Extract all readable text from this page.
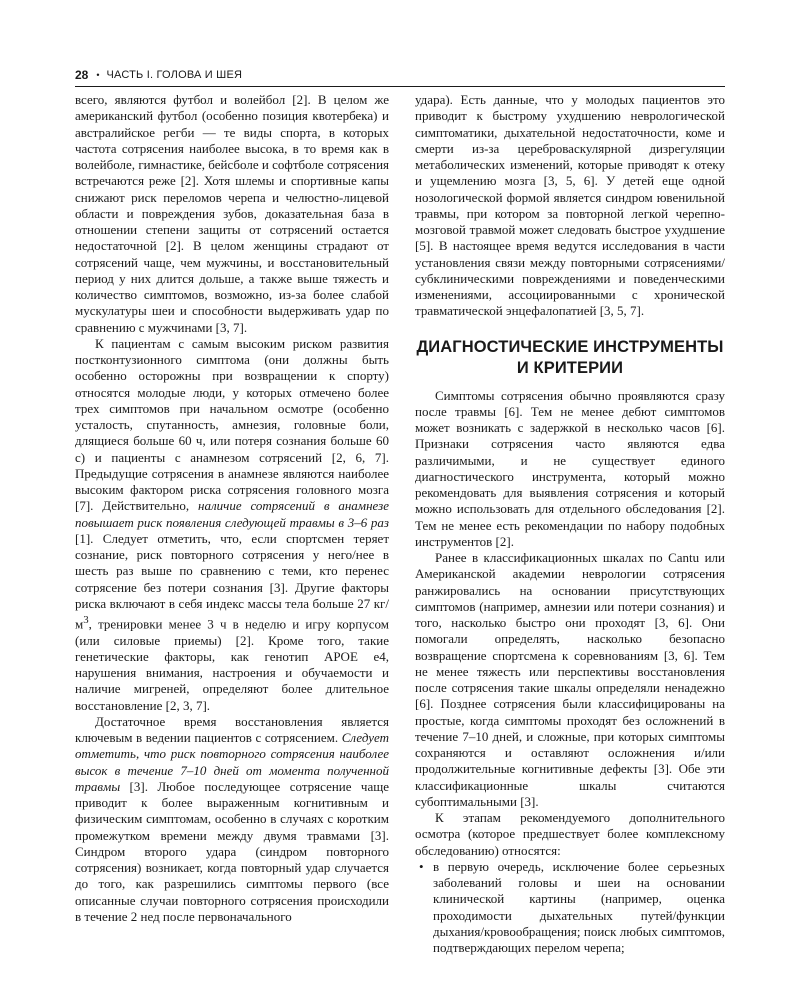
28 • ЧАСТЬ I. ГОЛОВА И ШЕЯ

всего, являются футбол и волейбол [2]. В целом же американский футбол (особенно позиция квотербека) и австралийское регби — те виды спорта, в которых частота сотрясения наиболее высока, в то время как в волейболе, гимнастике, бейсболе и софтболе сотрясения встречаются реже [2]. Хотя шлемы и спортивные капы снижают риск переломов черепа и челюстно-лицевой области и повреждения зубов, доказательная база в отношении степени защиты от сотрясений остается недостаточной [2]. В целом женщины страдают от сотрясений чаще, чем мужчины, и восстановительный период у них длится дольше, а также выше тяжесть и количество симптомов, возможно, из-за более слабой мускулатуры шеи и способности выдерживать удар по сравнению с мужчинами [3, 7].

К пациентам с самым высоким риском развития постконтузионного симптома (они должны быть особенно осторожны при возвращении к спорту) относятся молодые люди, у которых отмечено более трех симптомов при начальном осмотре (особенно усталость, спутанность, амнезия, головные боли, длящиеся больше 60 ч, или потеря сознания больше 60 с) и пациенты с анамнезом сотрясений [2, 6, 7]. Предыдущие сотрясения в анамнезе являются наиболее высоким фактором риска сотрясения головного мозга [7]. Действительно, наличие сотрясений в анамнезе повышает риск появления следующей травмы в 3–6 раз [1]. Следует отметить, что, если спортсмен теряет сознание, риск повторного сотрясения у него/нее в шесть раз выше по сравнению с теми, кто перенес сотрясение без потери сознания [3]. Другие факторы риска включают в себя индекс массы тела больше 27 $кг/м^3$, тренировки менее 3 ч в неделю и игру корпусом (или силовые приемы) [2]. Кроме того, такие генетические факторы, как генотип APOE e4, нарушения внимания, настроения и обучаемости и наличие мигреней, определяют более длительное восстановление [2, 3, 7].

Достаточное время восстановления является ключевым в ведении пациентов с сотрясением. Следует отметить, что риск повторного сотрясения наиболее высок в течение 7–10 дней от момента полученной травмы [3]. Любое последующее сотрясение чаще приводит к более выраженным когнитивным и физическим симптомам, особенно в случаях с коротким промежутком времени между двумя травмами [3]. Синдром второго удара (синдром повторного сотрясения) возникает, когда повторный удар случается до того, как разрешились симптомы первого (все описанные случаи повторного сотрясения происходили в течение 2 нед после первоначального

удара). Есть данные, что у молодых пациентов это приводит к быстрому ухудшению неврологической симптоматики, дыхательной недостаточности, коме и смерти из-за цереброваскулярной дизрегуляции метаболических изменений, которые приводят к отеку и ущемлению мозга [3, 5, 6]. У детей еще одной нозологической формой является синдром ювенильной травмы, при котором за повторной легкой черепно-мозговой травмой может следовать быстрое ухудшение [5]. В настоящее время ведутся исследования в части установления связи между повторными сотрясениями/субклиническими повреждениями и поведенческими изменениями, ассоциированными с хронической травматической энцефалопатией [3, 5, 7].

ДИАГНОСТИЧЕСКИЕ ИНСТРУМЕНТЫ
И КРИТЕРИИ

Симптомы сотрясения обычно проявляются сразу после травмы [6]. Тем не менее дебют симптомов может возникать с задержкой в несколько часов [6]. Признаки сотрясения часто являются едва различимыми, и не существует единого диагностического инструмента, который можно рекомендовать для выявления сотрясения и который можно использовать для отдельного обследования [2]. Тем не менее есть рекомендации по набору подобных инструментов [2].

Ранее в классификационных шкалах по Cantu или Американской академии неврологии сотрясения ранжировались на основании присутствующих симптомов (например, амнезии или потери сознания) и того, насколько быстро они проходят [3, 6]. Они помогали определять, насколько безопасно возвращение спортсмена к соревнованиям [3, 6]. Тем не менее тяжесть или перспективы восстановления после сотрясения такие шкалы определяли ненадежно [6]. Позднее сотрясения были классифицированы на простые, когда симптомы проходят без осложнений в течение 7–10 дней, и сложные, при которых симптомы сохраняются и оставляют осложнения и/или продолжительные когнитивные дефекты [3]. Обе эти классификационные шкалы считаются субоптимальными [3].

К этапам рекомендуемого дополнительного осмотра (которое предшествует более комплексному обследованию) относятся:

• в первую очередь, исключение более серьезных заболеваний головы и шеи на основании клинической картины (например, оценка проходимости дыхательных путей/функции дыхания/кровообращения; поиск любых симптомов, подтверждающих перелом черепа;
